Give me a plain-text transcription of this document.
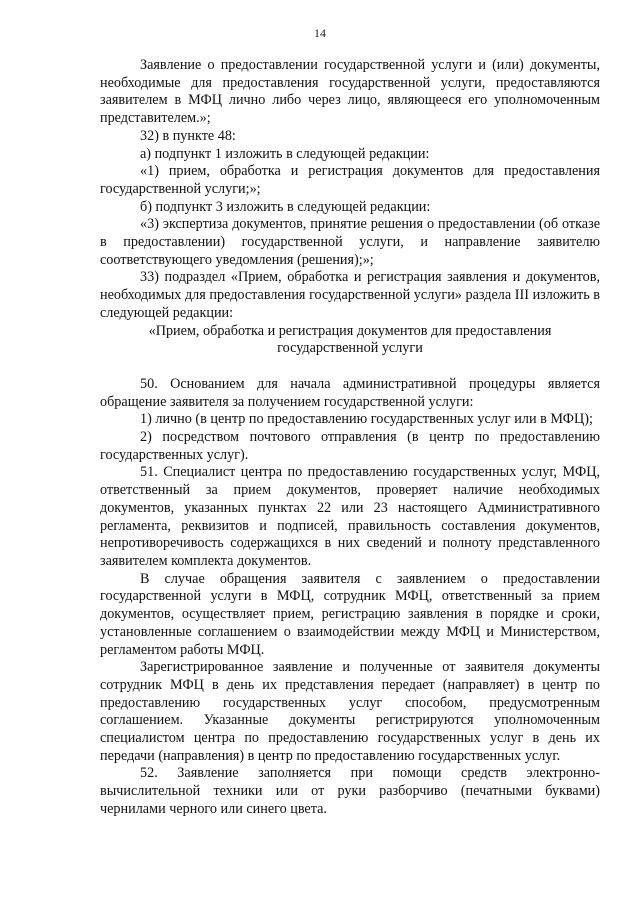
14

Заявление о предоставлении государственной услуги и (или) документы, необходимые для предоставления государственной услуги, предоставляются заявителем в МФЦ лично либо через лицо, являющееся его уполномоченным представителем.»;

32) в пункте 48:

а) подпункт 1 изложить в следующей редакции:

«1) прием, обработка и регистрация документов для предоставления государственной услуги;»;

б) подпункт 3 изложить в следующей редакции:

«3) экспертиза документов, принятие решения о предоставлении (об отказе в предоставлении) государственной услуги, и направление заявителю соответствующего уведомления (решения);»;

33) подраздел «Прием, обработка и регистрация заявления и документов, необходимых для предоставления государственной услуги» раздела III изложить в следующей редакции:

«Прием, обработка и регистрация документов для предоставления государственной услуги

50. Основанием для начала административной процедуры является обращение заявителя за получением государственной услуги:

1) лично (в центр по предоставлению государственных услуг или в МФЦ);

2) посредством почтового отправления (в центр по предоставлению государственных услуг).

51. Специалист центра по предоставлению государственных услуг, МФЦ, ответственный за прием документов, проверяет наличие необходимых документов, указанных пунктах 22 или 23 настоящего Административного регламента, реквизитов и подписей, правильность составления документов, непротиворечивость содержащихся в них сведений и полноту представленного заявителем комплекта документов.

В случае обращения заявителя с заявлением о предоставлении государственной услуги в МФЦ, сотрудник МФЦ, ответственный за прием документов, осуществляет прием, регистрацию заявления в порядке и сроки, установленные соглашением о взаимодействии между МФЦ и Министерством, регламентом работы МФЦ.

Зарегистрированное заявление и полученные от заявителя документы сотрудник МФЦ в день их представления передает (направляет) в центр по предоставлению государственных услуг способом, предусмотренным соглашением. Указанные документы регистрируются уполномоченным специалистом центра по предоставлению государственных услуг в день их передачи (направления) в центр по предоставлению государственных услуг.

52. Заявление заполняется при помощи средств электронно-вычислительной техники или от руки разборчиво (печатными буквами) чернилами черного или синего цвета.
